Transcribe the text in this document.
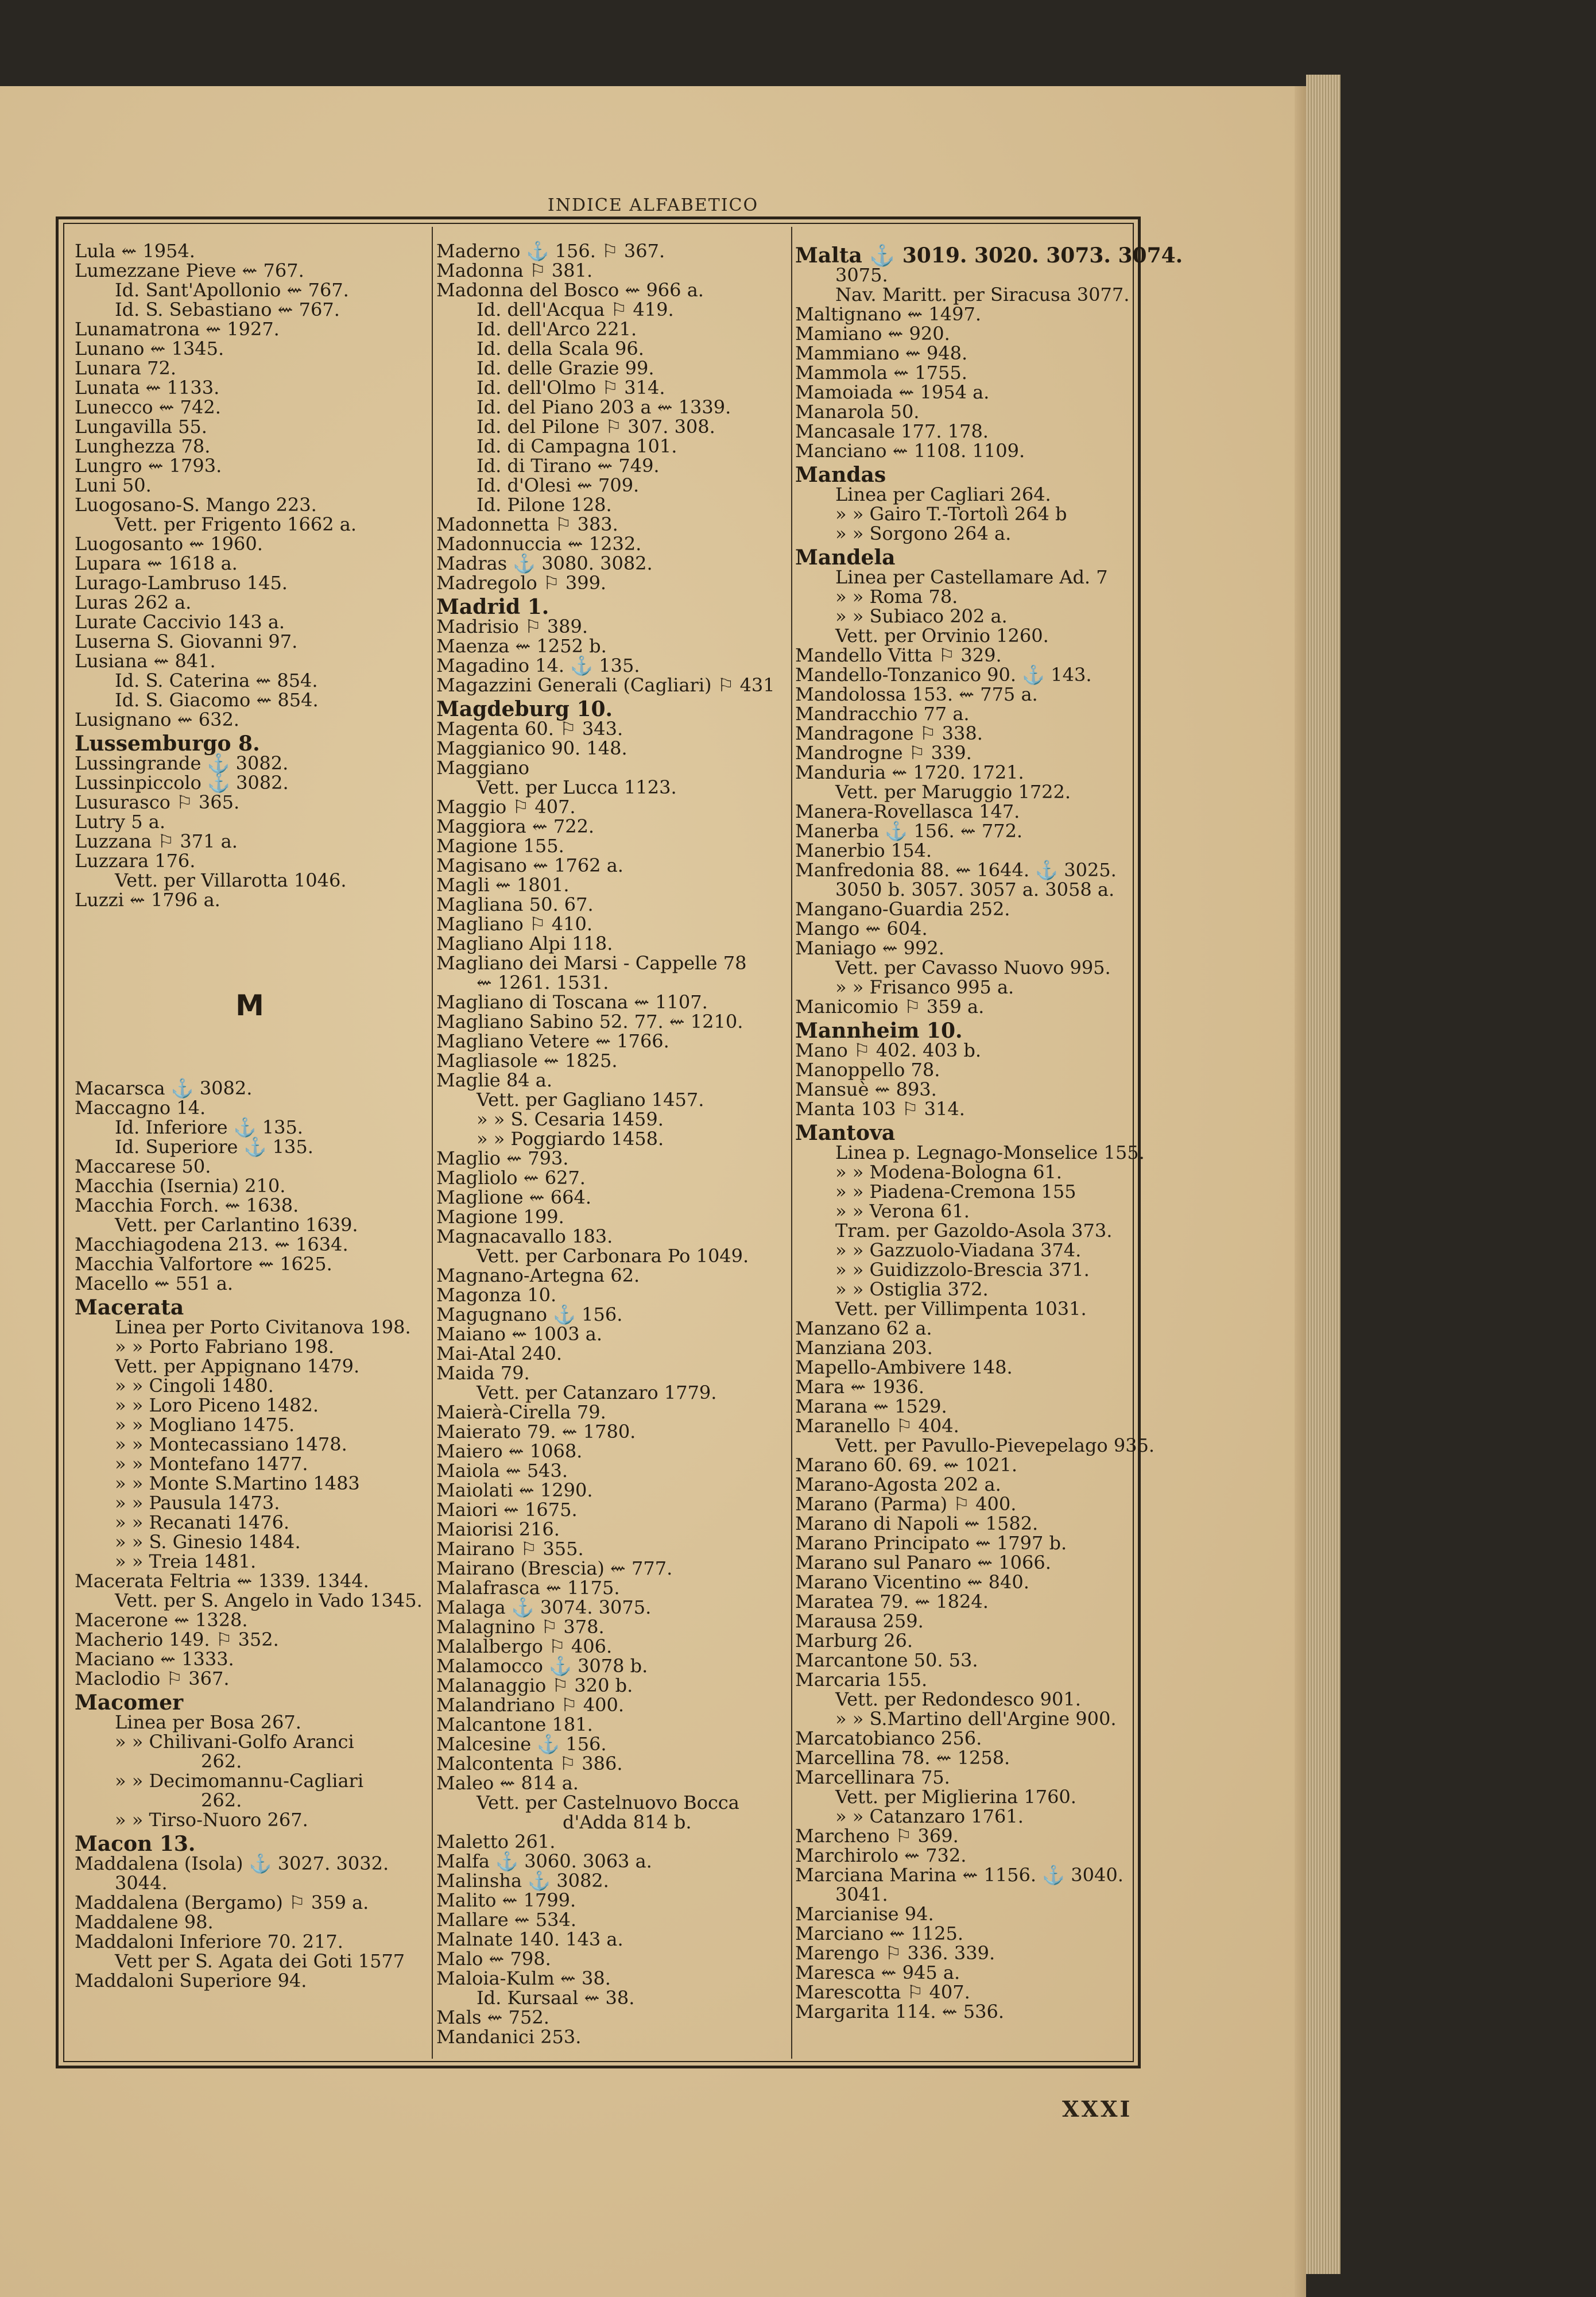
INDICE ALFABETICO
Lula ⇜ 1954.
Lumezzane Pieve ⇜ 767.
Id. Sant'Apollonio ⇜ 767.
Id. S. Sebastiano ⇜ 767.
Lunamatrona ⇜ 1927.
Lunano ⇜ 1345.
Lunara 72.
Lunata ⇜ 1133.
Lunecco ⇜ 742.
Lungavilla 55.
Lunghezza 78.
Lungro ⇜ 1793.
Luni 50.
Luogosano-S. Mango 223.
Vett. per Frigento 1662 a.
Luogosanto ⇜ 1960.
Lupara ⇜ 1618 a.
Lurago-Lambruso 145.
Luras 262 a.
Lurate Caccivio 143 a.
Luserna S. Giovanni 97.
Lusiana ⇜ 841.
Id. S. Caterina ⇜ 854.
Id. S. Giacomo ⇜ 854.
Lusignano ⇜ 632.
Lussemburgo 8.
Lussingrande ⚓ 3082.
Lussinpiccolo ⚓ 3082.
Lusurasco ⚐ 365.
Lutry 5 a.
Luzzana ⚐ 371 a.
Luzzara 176.
Vett. per Villarotta 1046.
Luzzi ⇜ 1796 a.
M
Macarsca ⚓ 3082.
Maccagno 14.
Id. Inferiore ⚓ 135.
Id. Superiore ⚓ 135.
Maccarese 50.
Macchia (Isernia) 210.
Macchia Forch. ⇜ 1638.
Vett. per Carlantino 1639.
Macchiagodena 213. ⇜ 1634.
Macchia Valfortore ⇜ 1625.
Macello ⇜ 551 a.
Macerata
Linea per Porto Civitanova 198.
» » Porto Fabriano 198.
Vett. per Appignano 1479.
» » Cingoli 1480.
» » Loro Piceno 1482.
» » Mogliano 1475.
» » Montecassiano 1478.
» » Montefano 1477.
» » Monte S.Martino 1483
» » Pausula 1473.
» » Recanati 1476.
» » S. Ginesio 1484.
» » Treia 1481.
Macerata Feltria ⇜ 1339. 1344.
Vett. per S. Angelo in Vado 1345.
Macerone ⇜ 1328.
Macherio 149. ⚐ 352.
Maciano ⇜ 1333.
Maclodio ⚐ 367.
Macomer
Linea per Bosa 267.
» » Chilivani-Golfo Aranci
262.
» » Decimomannu-Cagliari
262.
» » Tirso-Nuoro 267.
Macon 13.
Maddalena (Isola) ⚓ 3027. 3032.
3044.
Maddalena (Bergamo) ⚐ 359 a.
Maddalene 98.
Maddaloni Inferiore 70. 217.
Vett per S. Agata dei Goti 1577
Maddaloni Superiore 94.
Maderno ⚓ 156. ⚐ 367.
Madonna ⚐ 381.
Madonna del Bosco ⇜ 966 a.
Id. dell'Acqua ⚐ 419.
Id. dell'Arco 221.
Id. della Scala 96.
Id. delle Grazie 99.
Id. dell'Olmo ⚐ 314.
Id. del Piano 203 a ⇜ 1339.
Id. del Pilone ⚐ 307. 308.
Id. di Campagna 101.
Id. di Tirano ⇜ 749.
Id. d'Olesi ⇜ 709.
Id. Pilone 128.
Madonnetta ⚐ 383.
Madonnuccia ⇜ 1232.
Madras ⚓ 3080. 3082.
Madregolo ⚐ 399.
Madrid 1.
Madrisio ⚐ 389.
Maenza ⇜ 1252 b.
Magadino 14. ⚓ 135.
Magazzini Generali (Cagliari) ⚐ 431
Magdeburg 10.
Magenta 60. ⚐ 343.
Maggianico 90. 148.
Maggiano
Vett. per Lucca 1123.
Maggio ⚐ 407.
Maggiora ⇜ 722.
Magione 155.
Magisano ⇜ 1762 a.
Magli ⇜ 1801.
Magliana 50. 67.
Magliano ⚐ 410.
Magliano Alpi 118.
Magliano dei Marsi - Cappelle 78
⇜ 1261. 1531.
Magliano di Toscana ⇜ 1107.
Magliano Sabino 52. 77. ⇜ 1210.
Magliano Vetere ⇜ 1766.
Magliasole ⇜ 1825.
Maglie 84 a.
Vett. per Gagliano 1457.
» » S. Cesaria 1459.
» » Poggiardo 1458.
Maglio ⇜ 793.
Magliolo ⇜ 627.
Maglione ⇜ 664.
Magione 199.
Magnacavallo 183.
Vett. per Carbonara Po 1049.
Magnano-Artegna 62.
Magonza 10.
Magugnano ⚓ 156.
Maiano ⇜ 1003 a.
Mai-Atal 240.
Maida 79.
Vett. per Catanzaro 1779.
Maierà-Cirella 79.
Maierato 79. ⇜ 1780.
Maiero ⇜ 1068.
Maiola ⇜ 543.
Maiolati ⇜ 1290.
Maiori ⇜ 1675.
Maiorisi 216.
Mairano ⚐ 355.
Mairano (Brescia) ⇜ 777.
Malafrasca ⇜ 1175.
Malaga ⚓ 3074. 3075.
Malagnino ⚐ 378.
Malalbergo ⚐ 406.
Malamocco ⚓ 3078 b.
Malanaggio ⚐ 320 b.
Malandriano ⚐ 400.
Malcantone 181.
Malcesine ⚓ 156.
Malcontenta ⚐ 386.
Maleo ⇜ 814 a.
Vett. per Castelnuovo Bocca
d'Adda 814 b.
Maletto 261.
Malfa ⚓ 3060. 3063 a.
Malinsha ⚓ 3082.
Malito ⇜ 1799.
Mallare ⇜ 534.
Malnate 140. 143 a.
Malo ⇜ 798.
Maloia-Kulm ⇜ 38.
Id. Kursaal ⇜ 38.
Mals ⇜ 752.
Mandanici 253.
Malta ⚓ 3019. 3020. 3073. 3074.
3075.
Nav. Maritt. per Siracusa 3077.
Maltignano ⇜ 1497.
Mamiano ⇜ 920.
Mammiano ⇜ 948.
Mammola ⇜ 1755.
Mamoiada ⇜ 1954 a.
Manarola 50.
Mancasale 177. 178.
Manciano ⇜ 1108. 1109.
Mandas
Linea per Cagliari 264.
» » Gairo T.-Tortolì 264 b
» » Sorgono 264 a.
Mandela
Linea per Castellamare Ad. 7
» » Roma 78.
» » Subiaco 202 a.
Vett. per Orvinio 1260.
Mandello Vitta ⚐ 329.
Mandello-Tonzanico 90. ⚓ 143.
Mandolossa 153. ⇜ 775 a.
Mandracchio 77 a.
Mandragone ⚐ 338.
Mandrogne ⚐ 339.
Manduria ⇜ 1720. 1721.
Vett. per Maruggio 1722.
Manera-Rovellasca 147.
Manerba ⚓ 156. ⇜ 772.
Manerbio 154.
Manfredonia 88. ⇜ 1644. ⚓ 3025.
3050 b. 3057. 3057 a. 3058 a.
Mangano-Guardia 252.
Mango ⇜ 604.
Maniago ⇜ 992.
Vett. per Cavasso Nuovo 995.
» » Frisanco 995 a.
Manicomio ⚐ 359 a.
Mannheim 10.
Mano ⚐ 402. 403 b.
Manoppello 78.
Mansuè ⇜ 893.
Manta 103 ⚐ 314.
Mantova
Linea p. Legnago-Monselice 155.
» » Modena-Bologna 61.
» » Piadena-Cremona 155
» » Verona 61.
Tram. per Gazoldo-Asola 373.
» » Gazzuolo-Viadana 374.
» » Guidizzolo-Brescia 371.
» » Ostiglia 372.
Vett. per Villimpenta 1031.
Manzano 62 a.
Manziana 203.
Mapello-Ambivere 148.
Mara ⇜ 1936.
Marana ⇜ 1529.
Maranello ⚐ 404.
Vett. per Pavullo-Pievepelago 935.
Marano 60. 69. ⇜ 1021.
Marano-Agosta 202 a.
Marano (Parma) ⚐ 400.
Marano di Napoli ⇜ 1582.
Marano Principato ⇜ 1797 b.
Marano sul Panaro ⇜ 1066.
Marano Vicentino ⇜ 840.
Maratea 79. ⇜ 1824.
Marausa 259.
Marburg 26.
Marcantone 50. 53.
Marcaria 155.
Vett. per Redondesco 901.
» » S.Martino dell'Argine 900.
Marcatobianco 256.
Marcellina 78. ⇜ 1258.
Marcellinara 75.
Vett. per Miglierina 1760.
» » Catanzaro 1761.
Marcheno ⚐ 369.
Marchirolo ⇜ 732.
Marciana Marina ⇜ 1156. ⚓ 3040.
3041.
Marcianise 94.
Marciano ⇜ 1125.
Marengo ⚐ 336. 339.
Maresca ⇜ 945 a.
Marescotta ⚐ 407.
Margarita 114. ⇜ 536.
XXXI
